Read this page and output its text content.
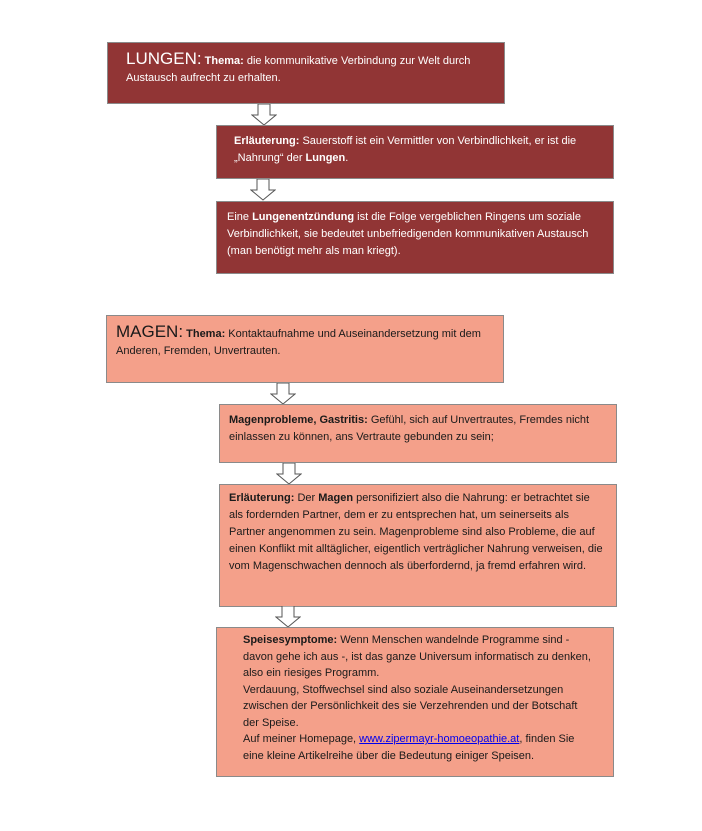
LUNGEN: Thema: die kommunikative Verbindung zur Welt durch Austausch aufrecht zu erhalten.
Erläuterung: Sauerstoff ist ein Vermittler von Verbindlichkeit, er ist die „Nahrung“ der Lungen.
Eine Lungenentzündung ist die Folge vergeblichen Ringens um soziale Verbindlichkeit, sie bedeutet unbefriedigenden kommunikativen Austausch (man benötigt mehr als man kriegt).
MAGEN: Thema: Kontaktaufnahme und Auseinandersetzung mit dem Anderen, Fremden, Unvertrauten.
Magenprobleme, Gastritis: Gefühl, sich auf Unvertrautes, Fremdes nicht einlassen zu können, ans Vertraute gebunden zu sein;
Erläuterung: Der Magen personifiziert also die Nahrung: er betrachtet sie als fordernden Partner, dem er zu entsprechen hat, um seinerseits als Partner angenommen zu sein. Magenprobleme sind also Probleme, die auf einen Konflikt mit alltäglicher, eigentlich verträglicher Nahrung verweisen, die vom Magenschwachen dennoch als überfordernd, ja fremd erfahren wird.
Speisesymptome: Wenn Menschen wandelnde Programme sind - davon gehe ich aus -, ist das ganze Universum informatisch zu denken, also ein riesiges Programm.
Verdauung, Stoffwechsel sind also soziale Auseinandersetzungen zwischen der Persönlichkeit des sie Verzehrenden und der Botschaft der Speise.
Auf meiner Homepage, www.zipermayr-homoeopathie.at, finden Sie eine kleine Artikelreihe über die Bedeutung einiger Speisen.
